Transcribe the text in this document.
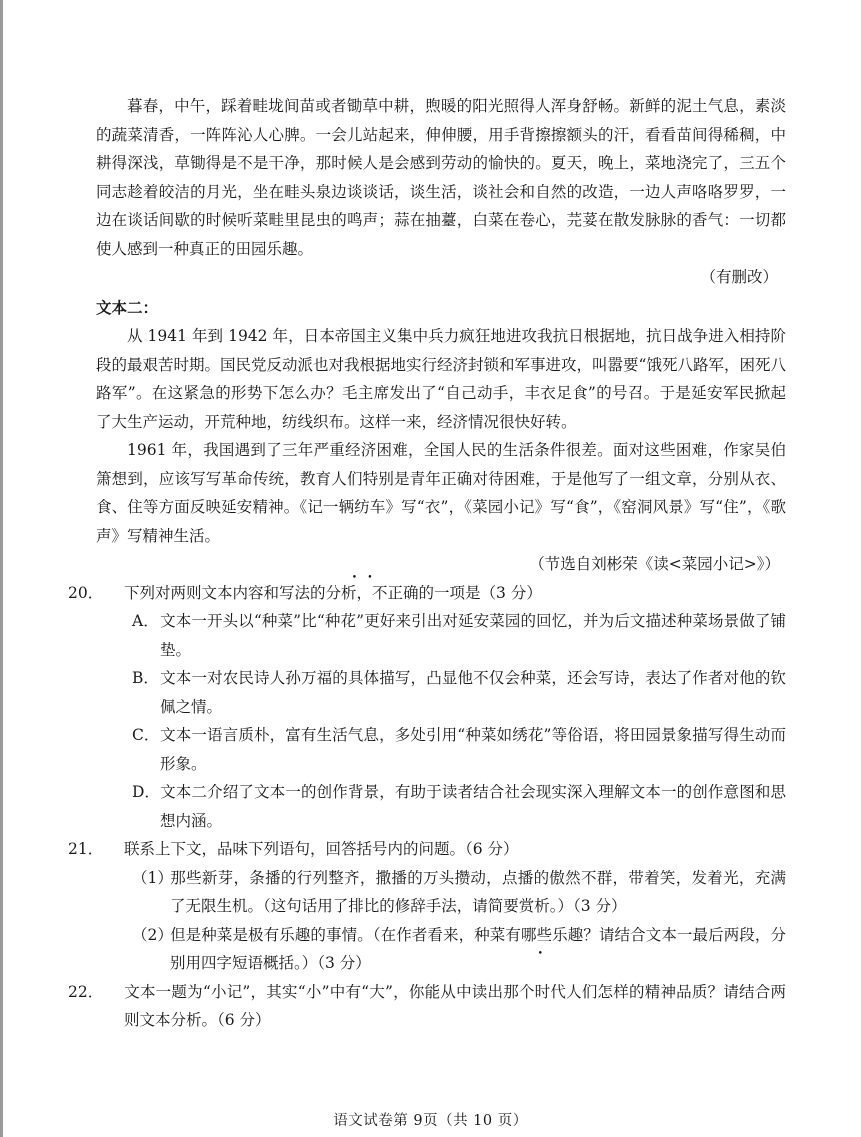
暮春，中午，踩着畦垅间苗或者锄草中耕，煦暖的阳光照得人浑身舒畅。新鲜的泥土气息，素淡的蔬菜清香，一阵阵沁人心脾。一会儿站起来，伸伸腰，用手背擦擦额头的汗，看看苗间得稀稠，中耕得深浅，草锄得是不是干净，那时候人是会感到劳动的愉快的。夏天，晚上，菜地浇完了，三五个同志趁着皎洁的月光，坐在畦头泉边谈谈话，谈生活，谈社会和自然的改造，一边人声咯咯罗罗，一边在谈话间歇的时候听菜畦里昆虫的鸣声；蒜在抽薹，白菜在卷心，芫荽在散发脉脉的香气：一切都使人感到一种真正的田园乐趣。

（有删改）

文本二：

从 1941 年到 1942 年，日本帝国主义集中兵力疯狂地进攻我抗日根据地，抗日战争进入相持阶段的最艰苦时期。国民党反动派也对我根据地实行经济封锁和军事进攻，叫嚣要“饿死八路军，困死八路军”。在这紧急的形势下怎么办？毛主席发出了“自己动手，丰衣足食”的号召。于是延安军民掀起了大生产运动，开荒种地，纺线织布。这样一来，经济情况很快好转。

1961 年，我国遇到了三年严重经济困难，全国人民的生活条件很差。面对这些困难，作家吴伯箫想到，应该写写革命传统，教育人们特别是青年正确对待困难，于是他写了一组文章，分别从衣、食、住等方面反映延安精神。《记一辆纺车》写“衣”，《菜园小记》写“食”，《窑洞风景》写“住”，《歌声》写精神生活。

（节选自刘彬荣《读<菜园小记>》）

20． 下列对两则文本内容和写法的分析，不正确的一项是（3 分）

A．文本一开头以“种菜”比“种花”更好来引出对延安菜园的回忆，并为后文描述种菜场景做了铺垫。

B．文本一对农民诗人孙万福的具体描写，凸显他不仅会种菜，还会写诗，表达了作者对他的钦佩之情。

C．文本一语言质朴，富有生活气息，多处引用“种菜如绣花”等俗语，将田园景象描写得生动而形象。

D．文本二介绍了文本一的创作背景，有助于读者结合社会现实深入理解文本一的创作意图和思想内涵。

21． 联系上下文，品味下列语句，回答括号内的问题。（6 分）

（1）那些新芽，条播的行列整齐，撒播的万头攒动，点播的傲然不群，带着笑，发着光，充满了无限生机。（这句话用了排比的修辞手法，请简要赏析。）（3 分）

（2）但是种菜是极有乐趣的事情。（在作者看来，种菜有哪些乐趣？请结合文本一最后两段，分别用四字短语概括。）（3 分）

22． 文本一题为“小记”，其实“小”中有“大”，你能从中读出那个时代人们怎样的精神品质？请结合两则文本分析。（6 分）

语文试卷第 9页（共 10 页）
